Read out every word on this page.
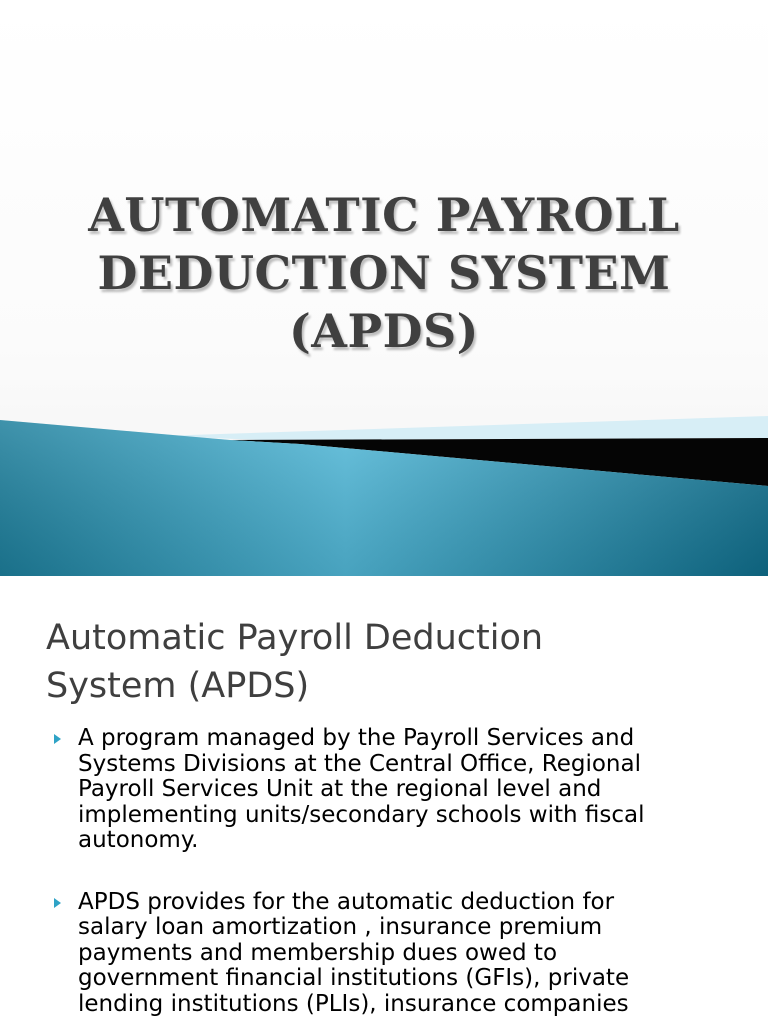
AUTOMATIC PAYROLL
DEDUCTION SYSTEM
(APDS)
Automatic Payroll Deduction
System (APDS)
A program managed by the Payroll Services and
Systems Divisions at the Central Office, Regional
Payroll Services Unit at the regional level and
implementing units/secondary schools with fiscal
autonomy.
APDS provides for the automatic deduction for
salary loan amortization , insurance premium
payments and membership dues owed to
government financial institutions (GFIs), private
lending institutions (PLIs), insurance companies
